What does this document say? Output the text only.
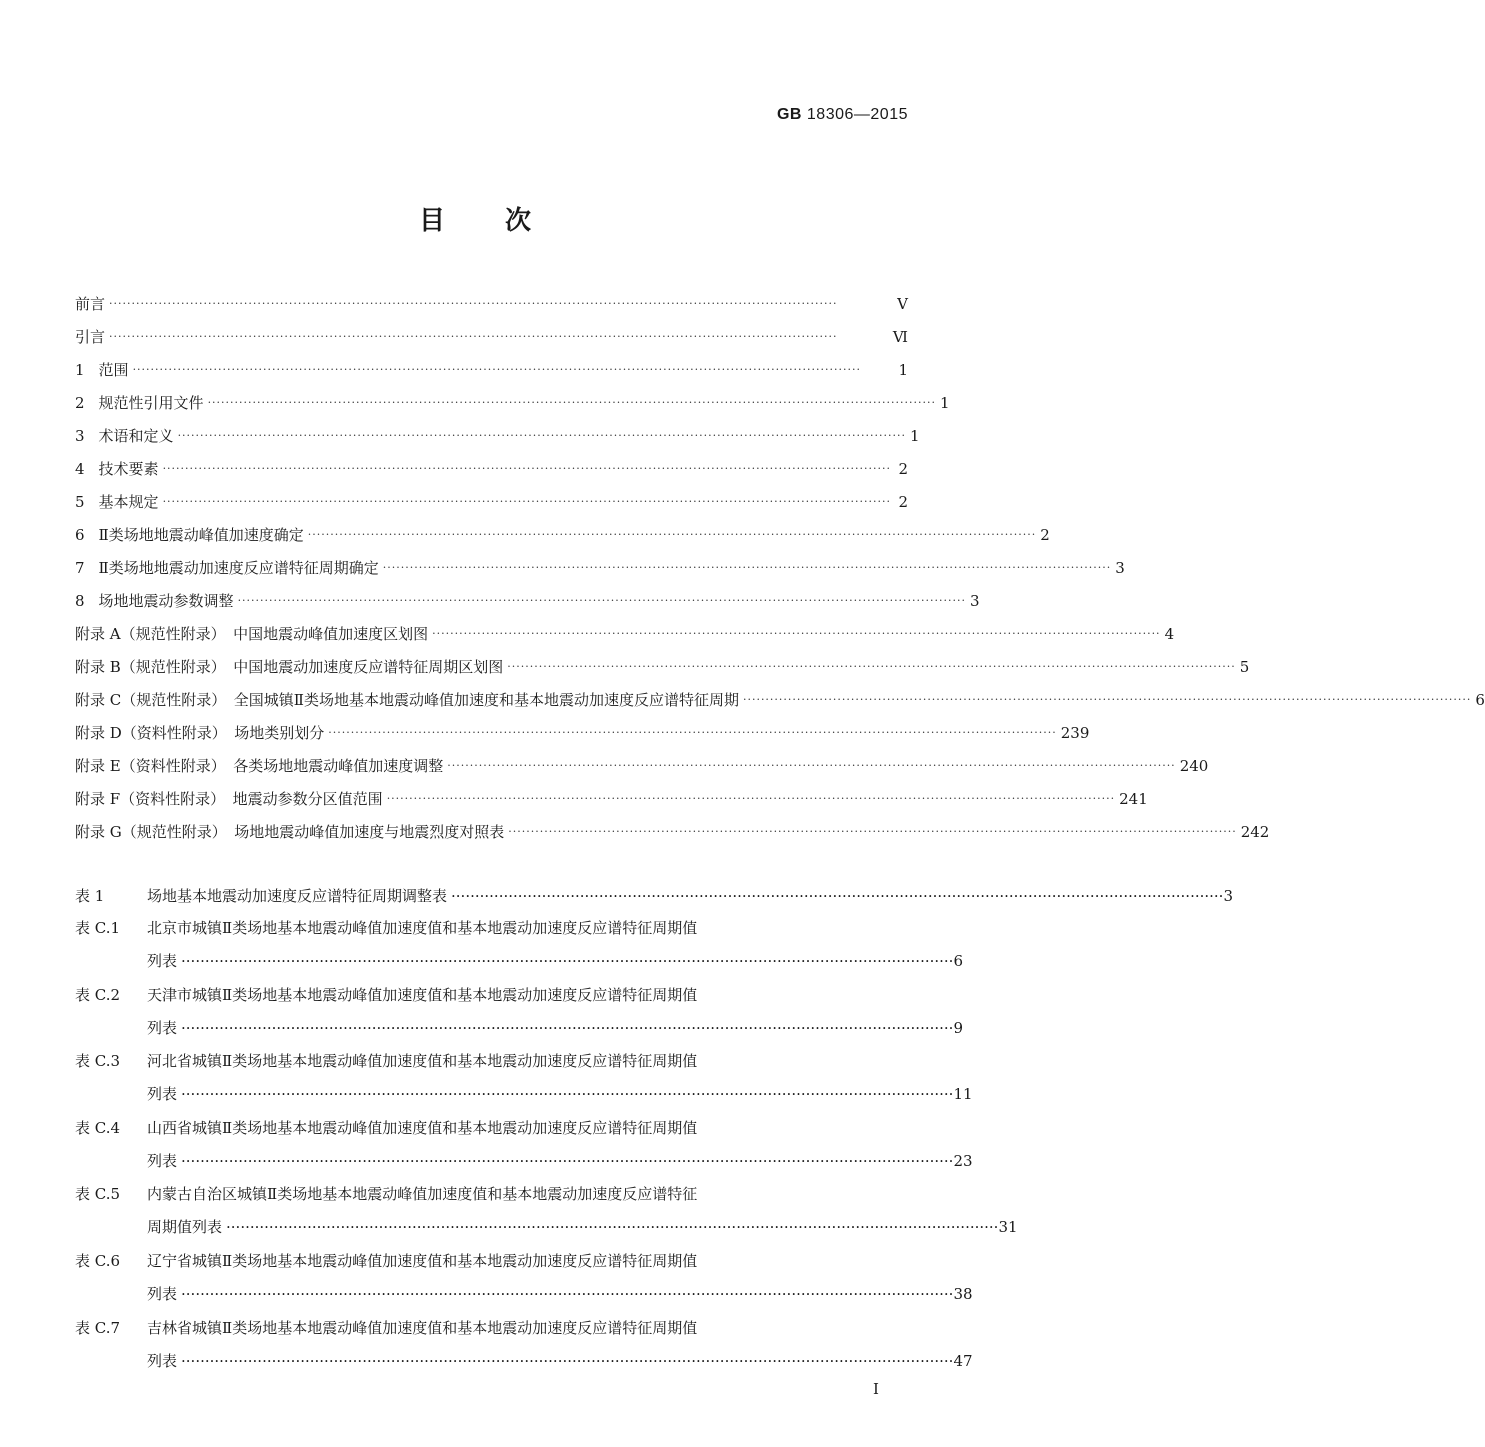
GB 18306—2015
目 次
前言 ··································································································································································	Ⅴ
引言 ··································································································································································	Ⅵ
1 范围 ··································································································································································	1
2 规范性引用文件 ·································································································································································· 1
3 术语和定义 ·································································································································································· 1
4 技术要素 ·································································································································································· 2
5 基本规定 ·································································································································································· 2
6 Ⅱ类场地地震动峰值加速度确定 ·································································································································································· 2
7 Ⅱ类场地地震动加速度反应谱特征周期确定 ·································································································································································· 3
8 场地地震动参数调整 ·································································································································································· 3
附录 A（规范性附录）　中国地震动峰值加速度区划图 ·································································································································································· 4
附录 B（规范性附录）　中国地震动加速度反应谱特征周期区划图 ·································································································································································· 5
附录 C（规范性附录）　全国城镇Ⅱ类场地基本地震动峰值加速度和基本地震动加速度反应谱特征周期 ·································································································································································· 6
附录 D（资料性附录）　场地类别划分 ·································································································································································· 239
附录 E（资料性附录）　各类场地地震动峰值加速度调整 ·································································································································································· 240
附录 F（资料性附录）　地震动参数分区值范围 ·································································································································································· 241
附录 G（规范性附录）　场地地震动峰值加速度与地震烈度对照表 ·································································································································································· 242
表 1	场地基本地震动加速度反应谱特征周期调整表 ·································································································································································· 3
表 C.1	北京市城镇Ⅱ类场地基本地震动峰值加速度值和基本地震动加速度反应谱特征周期值
列表 ·································································································································································· 6
表 C.2	天津市城镇Ⅱ类场地基本地震动峰值加速度值和基本地震动加速度反应谱特征周期值
列表 ·································································································································································· 9
表 C.3	河北省城镇Ⅱ类场地基本地震动峰值加速度值和基本地震动加速度反应谱特征周期值
列表 ·································································································································································· 11
表 C.4	山西省城镇Ⅱ类场地基本地震动峰值加速度值和基本地震动加速度反应谱特征周期值
列表 ·································································································································································· 23
表 C.5	内蒙古自治区城镇Ⅱ类场地基本地震动峰值加速度值和基本地震动加速度反应谱特征
周期值列表 ·································································································································································· 31
表 C.6	辽宁省城镇Ⅱ类场地基本地震动峰值加速度值和基本地震动加速度反应谱特征周期值
列表 ·································································································································································· 38
表 C.7	吉林省城镇Ⅱ类场地基本地震动峰值加速度值和基本地震动加速度反应谱特征周期值
列表 ·································································································································································· 47
I
